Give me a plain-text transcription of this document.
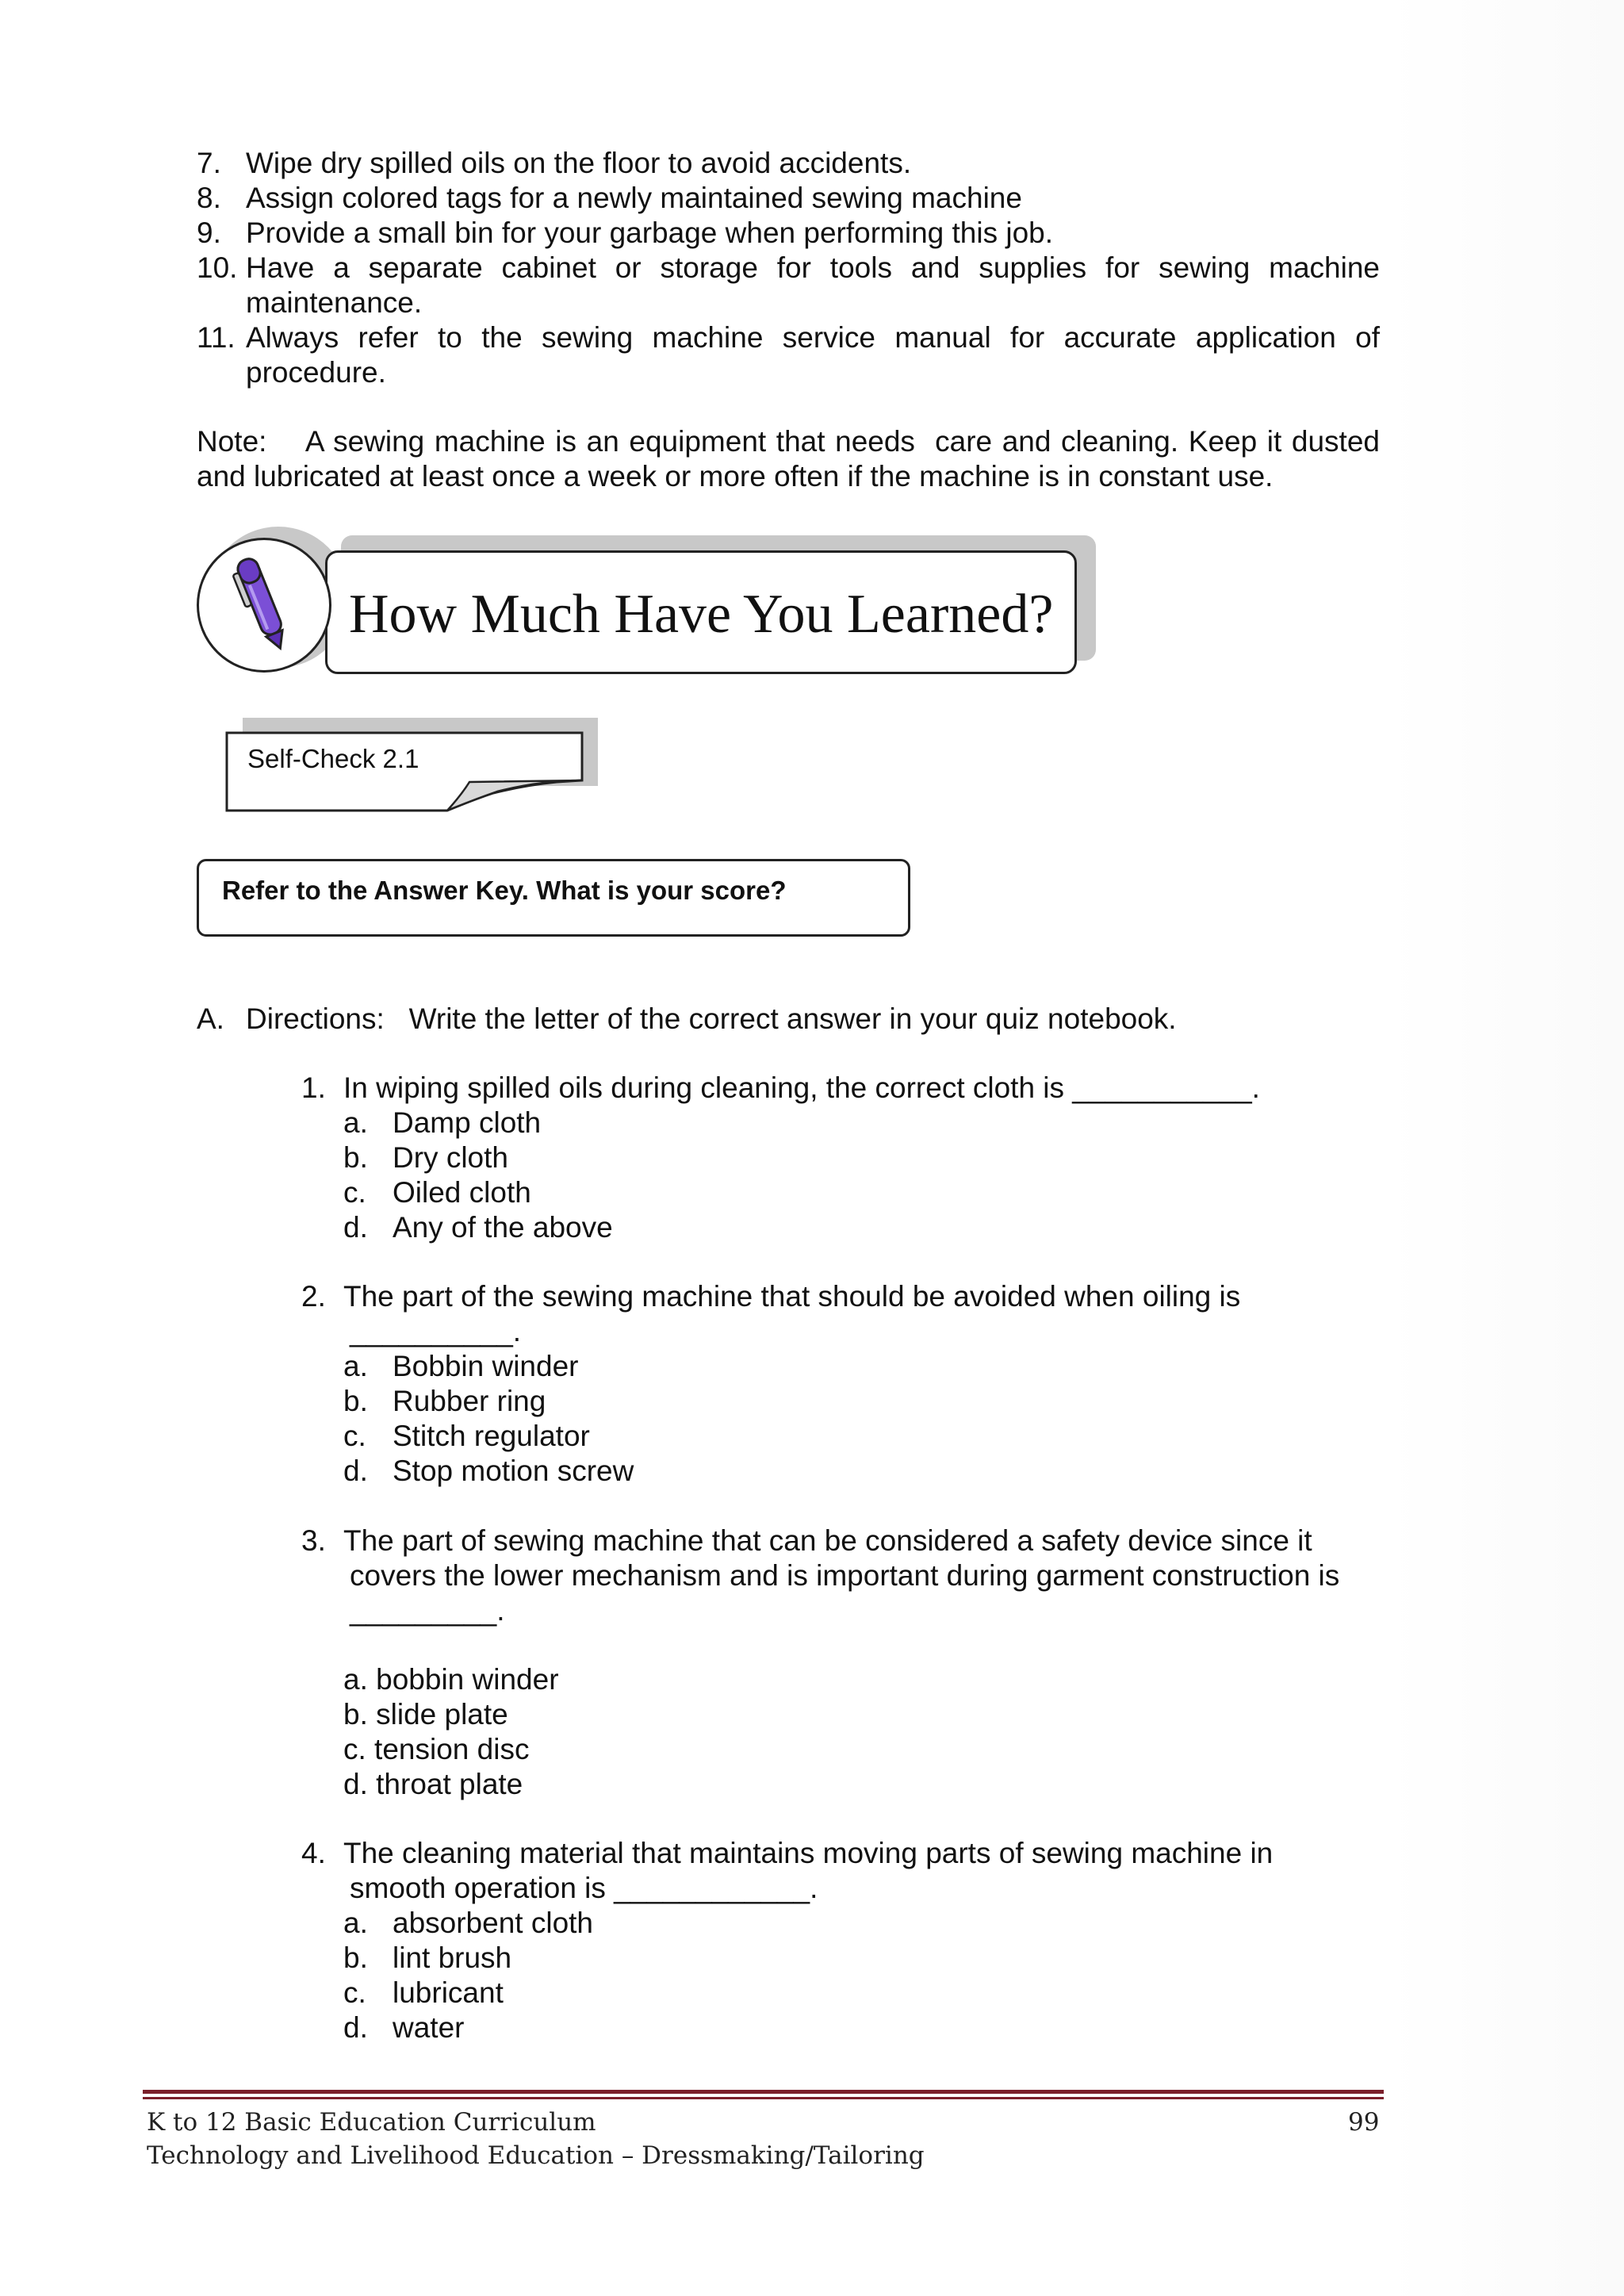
7. Wipe dry spilled oils on the floor to avoid accidents.
8. Assign colored tags for a newly maintained sewing machine
9. Provide a small bin for your garbage when performing this job.
10. Have a separate cabinet or storage for tools and supplies for sewing machine
maintenance.
11. Always refer to the sewing machine service manual for accurate application of
procedure.
Note:    A sewing machine is an equipment that needs  care and cleaning. Keep it dusted
and lubricated at least once a week or more often if the machine is in constant use.
How Much Have You Learned?
Self-Check 2.1
Refer to the Answer Key. What is your score?
A. Directions:   Write the letter of the correct answer in your quiz notebook.
1. In wiping spilled oils during cleaning, the correct cloth is ___________.
a. Damp cloth
b. Dry cloth
c. Oiled cloth
d. Any of the above
2. The part of the sewing machine that should be avoided when oiling is
__________.
a. Bobbin winder
b. Rubber ring
c. Stitch regulator
d. Stop motion screw
3. The part of sewing machine that can be considered a safety device since it
covers the lower mechanism and is important during garment construction is
_________.
a. bobbin winder
b. slide plate
c. tension disc
d. throat plate
4. The cleaning material that maintains moving parts of sewing machine in
smooth operation is ____________.
a. absorbent cloth
b. lint brush
c. lubricant
d. water
K to 12 Basic Education Curriculum
Technology and Livelihood Education – Dressmaking/Tailoring
99
